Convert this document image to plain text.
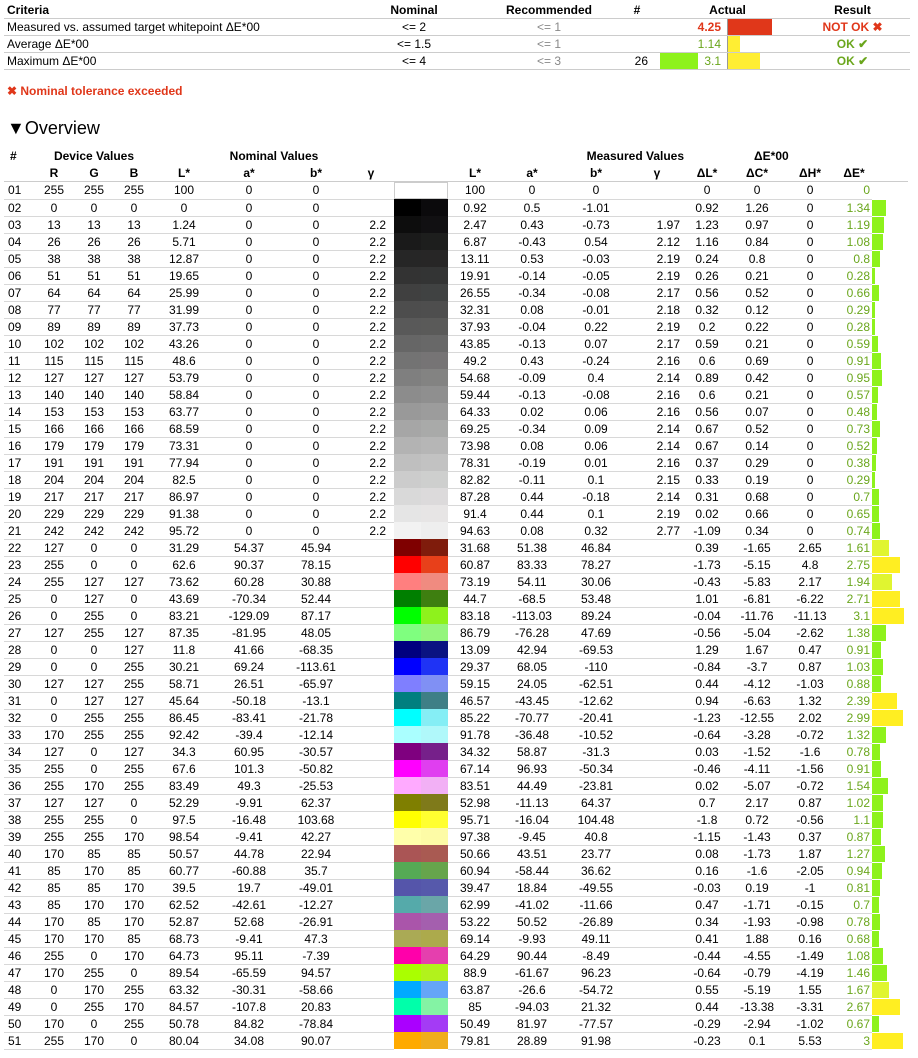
Criteria	Nominal	Recommended	#	Actual		Result
Measured vs. assumed target whitepoint ΔE*00	<= 2	<= 1		4.25		NOT OK ✖
Average ΔE*00	<= 1.5	<= 1		1.14		OK ✔
Maximum ΔE*00	<= 4	<= 3	26	3.1		OK ✔
✖ Nominal tolerance exceeded
▼Overview
#	Device Values			Nominal Values					Measured Values				ΔE*00				
	R	G	B	L*	a*	b*	γ		L*	a*	b*	γ	ΔL*	ΔC*	ΔH*	ΔE*	
01	255	255	255	100	0	0			100	0	0		0	0	0	0	
02	0	0	0	0	0	0			0.92	0.5	-1.01		0.92	1.26	0	1.34	
03	13	13	13	1.24	0	0	2.2		2.47	0.43	-0.73	1.97	1.23	0.97	0	1.19	
04	26	26	26	5.71	0	0	2.2		6.87	-0.43	0.54	2.12	1.16	0.84	0	1.08	
05	38	38	38	12.87	0	0	2.2		13.11	0.53	-0.03	2.19	0.24	0.8	0	0.8	
06	51	51	51	19.65	0	0	2.2		19.91	-0.14	-0.05	2.19	0.26	0.21	0	0.28	
07	64	64	64	25.99	0	0	2.2		26.55	-0.34	-0.08	2.17	0.56	0.52	0	0.66	
08	77	77	77	31.99	0	0	2.2		32.31	0.08	-0.01	2.18	0.32	0.12	0	0.29	
09	89	89	89	37.73	0	0	2.2		37.93	-0.04	0.22	2.19	0.2	0.22	0	0.28	
10	102	102	102	43.26	0	0	2.2		43.85	-0.13	0.07	2.17	0.59	0.21	0	0.59	
11	115	115	115	48.6	0	0	2.2		49.2	0.43	-0.24	2.16	0.6	0.69	0	0.91	
12	127	127	127	53.79	0	0	2.2		54.68	-0.09	0.4	2.14	0.89	0.42	0	0.95	
13	140	140	140	58.84	0	0	2.2		59.44	-0.13	-0.08	2.16	0.6	0.21	0	0.57	
14	153	153	153	63.77	0	0	2.2		64.33	0.02	0.06	2.16	0.56	0.07	0	0.48	
15	166	166	166	68.59	0	0	2.2		69.25	-0.34	0.09	2.14	0.67	0.52	0	0.73	
16	179	179	179	73.31	0	0	2.2		73.98	0.08	0.06	2.14	0.67	0.14	0	0.52	
17	191	191	191	77.94	0	0	2.2		78.31	-0.19	0.01	2.16	0.37	0.29	0	0.38	
18	204	204	204	82.5	0	0	2.2		82.82	-0.11	0.1	2.15	0.33	0.19	0	0.29	
19	217	217	217	86.97	0	0	2.2		87.28	0.44	-0.18	2.14	0.31	0.68	0	0.7	
20	229	229	229	91.38	0	0	2.2		91.4	0.44	0.1	2.19	0.02	0.66	0	0.65	
21	242	242	242	95.72	0	0	2.2		94.63	0.08	0.32	2.77	-1.09	0.34	0	0.74	
22	127	0	0	31.29	54.37	45.94			31.68	51.38	46.84		0.39	-1.65	2.65	1.61	
23	255	0	0	62.6	90.37	78.15			60.87	83.33	78.27		-1.73	-5.15	4.8	2.75	
24	255	127	127	73.62	60.28	30.88			73.19	54.11	30.06		-0.43	-5.83	2.17	1.94	
25	0	127	0	43.69	-70.34	52.44			44.7	-68.5	53.48		1.01	-6.81	-6.22	2.71	
26	0	255	0	83.21	-129.09	87.17			83.18	-113.03	89.24		-0.04	-11.76	-11.13	3.1	
27	127	255	127	87.35	-81.95	48.05			86.79	-76.28	47.69		-0.56	-5.04	-2.62	1.38	
28	0	0	127	11.8	41.66	-68.35			13.09	42.94	-69.53		1.29	1.67	0.47	0.91	
29	0	0	255	30.21	69.24	-113.61			29.37	68.05	-110		-0.84	-3.7	0.87	1.03	
30	127	127	255	58.71	26.51	-65.97			59.15	24.05	-62.51		0.44	-4.12	-1.03	0.88	
31	0	127	127	45.64	-50.18	-13.1			46.57	-43.45	-12.62		0.94	-6.63	1.32	2.39	
32	0	255	255	86.45	-83.41	-21.78			85.22	-70.77	-20.41		-1.23	-12.55	2.02	2.99	
33	170	255	255	92.42	-39.4	-12.14			91.78	-36.48	-10.52		-0.64	-3.28	-0.72	1.32	
34	127	0	127	34.3	60.95	-30.57			34.32	58.87	-31.3		0.03	-1.52	-1.6	0.78	
35	255	0	255	67.6	101.3	-50.82			67.14	96.93	-50.34		-0.46	-4.11	-1.56	0.91	
36	255	170	255	83.49	49.3	-25.53			83.51	44.49	-23.81		0.02	-5.07	-0.72	1.54	
37	127	127	0	52.29	-9.91	62.37			52.98	-11.13	64.37		0.7	2.17	0.87	1.02	
38	255	255	0	97.5	-16.48	103.68			95.71	-16.04	104.48		-1.8	0.72	-0.56	1.1	
39	255	255	170	98.54	-9.41	42.27			97.38	-9.45	40.8		-1.15	-1.43	0.37	0.87	
40	170	85	85	50.57	44.78	22.94			50.66	43.51	23.77		0.08	-1.73	1.87	1.27	
41	85	170	85	60.77	-60.88	35.7			60.94	-58.44	36.62		0.16	-1.6	-2.05	0.94	
42	85	85	170	39.5	19.7	-49.01			39.47	18.84	-49.55		-0.03	0.19	-1	0.81	
43	85	170	170	62.52	-42.61	-12.27			62.99	-41.02	-11.66		0.47	-1.71	-0.15	0.7	
44	170	85	170	52.87	52.68	-26.91			53.22	50.52	-26.89		0.34	-1.93	-0.98	0.78	
45	170	170	85	68.73	-9.41	47.3			69.14	-9.93	49.11		0.41	1.88	0.16	0.68	
46	255	0	170	64.73	95.11	-7.39			64.29	90.44	-8.49		-0.44	-4.55	-1.49	1.08	
47	170	255	0	89.54	-65.59	94.57			88.9	-61.67	96.23		-0.64	-0.79	-4.19	1.46	
48	0	170	255	63.32	-30.31	-58.66			63.87	-26.6	-54.72		0.55	-5.19	1.55	1.67	
49	0	255	170	84.57	-107.8	20.83			85	-94.03	21.32		0.44	-13.38	-3.31	2.67	
50	170	0	255	50.78	84.82	-78.84			50.49	81.97	-77.57		-0.29	-2.94	-1.02	0.67	
51	255	170	0	80.04	34.08	90.07			79.81	28.89	91.98		-0.23	0.1	5.53	3	
